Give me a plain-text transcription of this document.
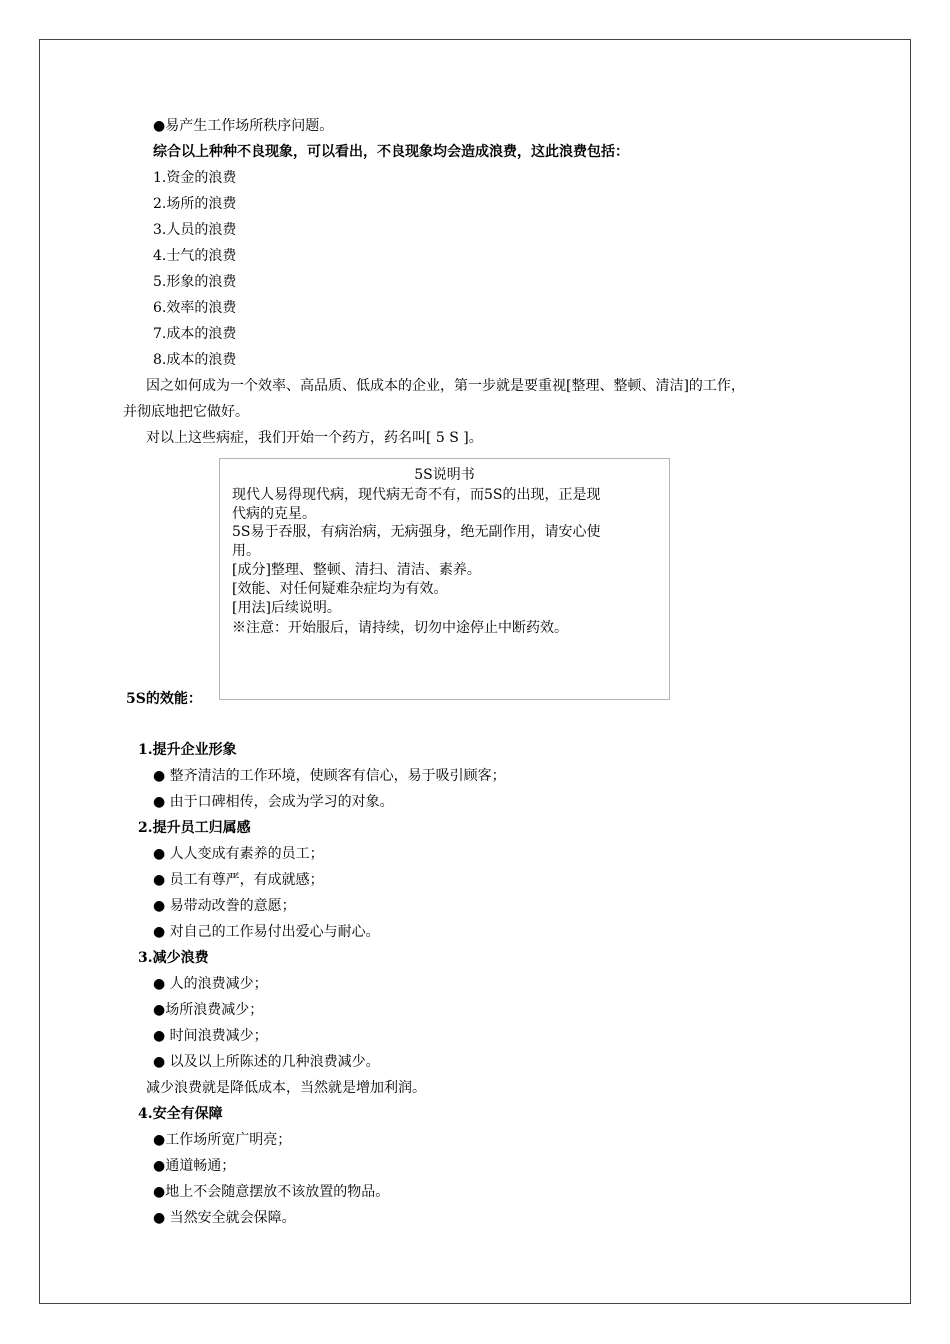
●易产生工作场所秩序问题。
综合以上种种不良现象，可以看出，不良现象均会造成浪费，这此浪费包括：
1.资金的浪费
2.场所的浪费
3.人员的浪费
4.士气的浪费
5.形象的浪费
6.效率的浪费
7.成本的浪费
8.成本的浪费
因之如何成为一个效率、高品质、低成本的企业，第一步就是要重视[整理、整顿、清洁]的工作，
并彻底地把它做好。
对以上这些病症，我们开始一个药方，药名叫[ 5 S ]。
5S说明书
现代人易得现代病，现代病无奇不有，而5S的出现，正是现
代病的克星。
5S易于吞服，有病治病，无病强身，绝无副作用，请安心使
用。
[成分]整理、整顿、清扫、清洁、素养。
[效能、对任何疑难杂症均为有效。
[用法]后续说明。
※注意：开始服后，请持续，切勿中途停止中断药效。
5S的效能：
1.提升企业形象
● 整齐清洁的工作环境，使顾客有信心，易于吸引顾客；
● 由于口碑相传，会成为学习的对象。
2.提升员工归属感
● 人人变成有素养的员工；
● 员工有尊严，有成就感；
● 易带动改誊的意愿；
● 对自己的工作易付出爱心与耐心。
3.减少浪费
● 人的浪费减少；
●场所浪费减少；
● 时间浪费减少；
● 以及以上所陈述的几种浪费减少。
减少浪费就是降低成本，当然就是增加利润。
4.安全有保障
●工作场所宽广明亮；
●通道畅通；
●地上不会随意摆放不该放置的物品。
● 当然安全就会保障。
